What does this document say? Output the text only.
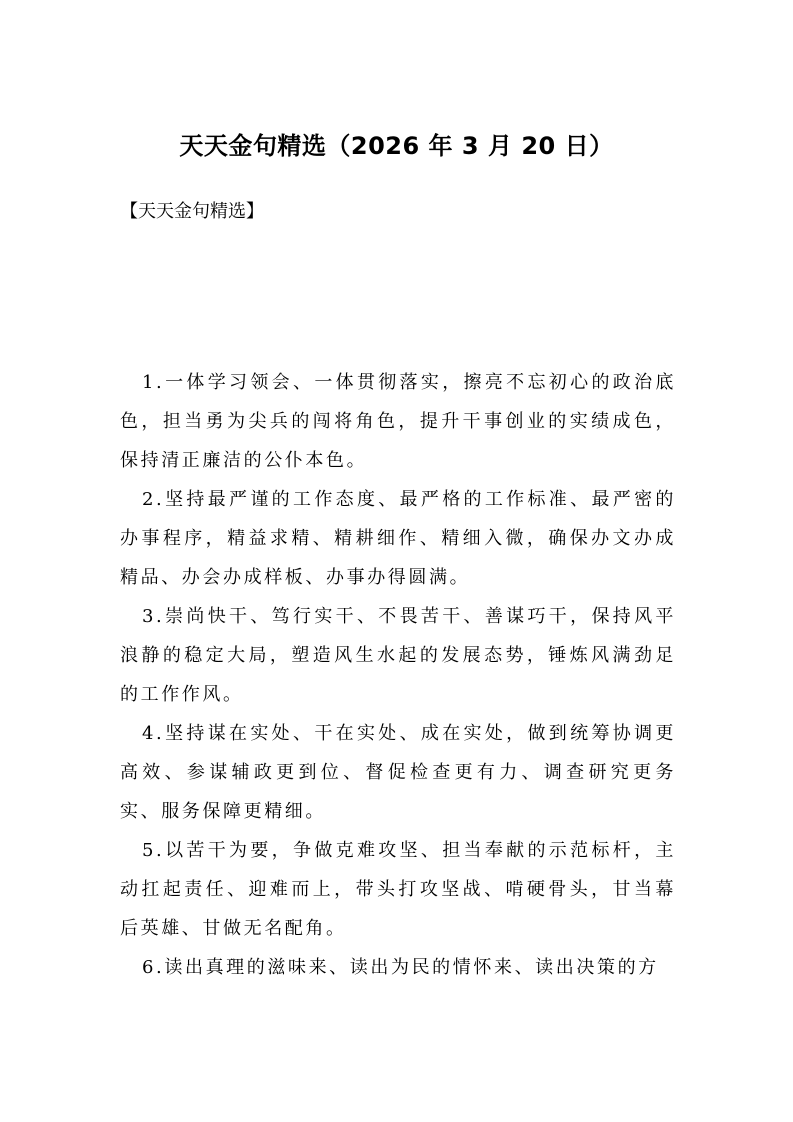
天天金句精选（2026 年 3 月 20 日）
【天天金句精选】

1.一体学习领会、一体贯彻落实，擦亮不忘初心的政治底色，担当勇为尖兵的闯将角色，提升干事创业的实绩成色，保持清正廉洁的公仆本色。

2.坚持最严谨的工作态度、最严格的工作标准、最严密的办事程序，精益求精、精耕细作、精细入微，确保办文办成精品、办会办成样板、办事办得圆满。

3.崇尚快干、笃行实干、不畏苦干、善谋巧干，保持风平浪静的稳定大局，塑造风生水起的发展态势，锤炼风满劲足的工作作风。

4.坚持谋在实处、干在实处、成在实处，做到统筹协调更高效、参谋辅政更到位、督促检查更有力、调查研究更务实、服务保障更精细。

5.以苦干为要，争做克难攻坚、担当奉献的示范标杆，主动扛起责任、迎难而上，带头打攻坚战、啃硬骨头，甘当幕后英雄、甘做无名配角。

6.读出真理的滋味来、读出为民的情怀来、读出决策的方
